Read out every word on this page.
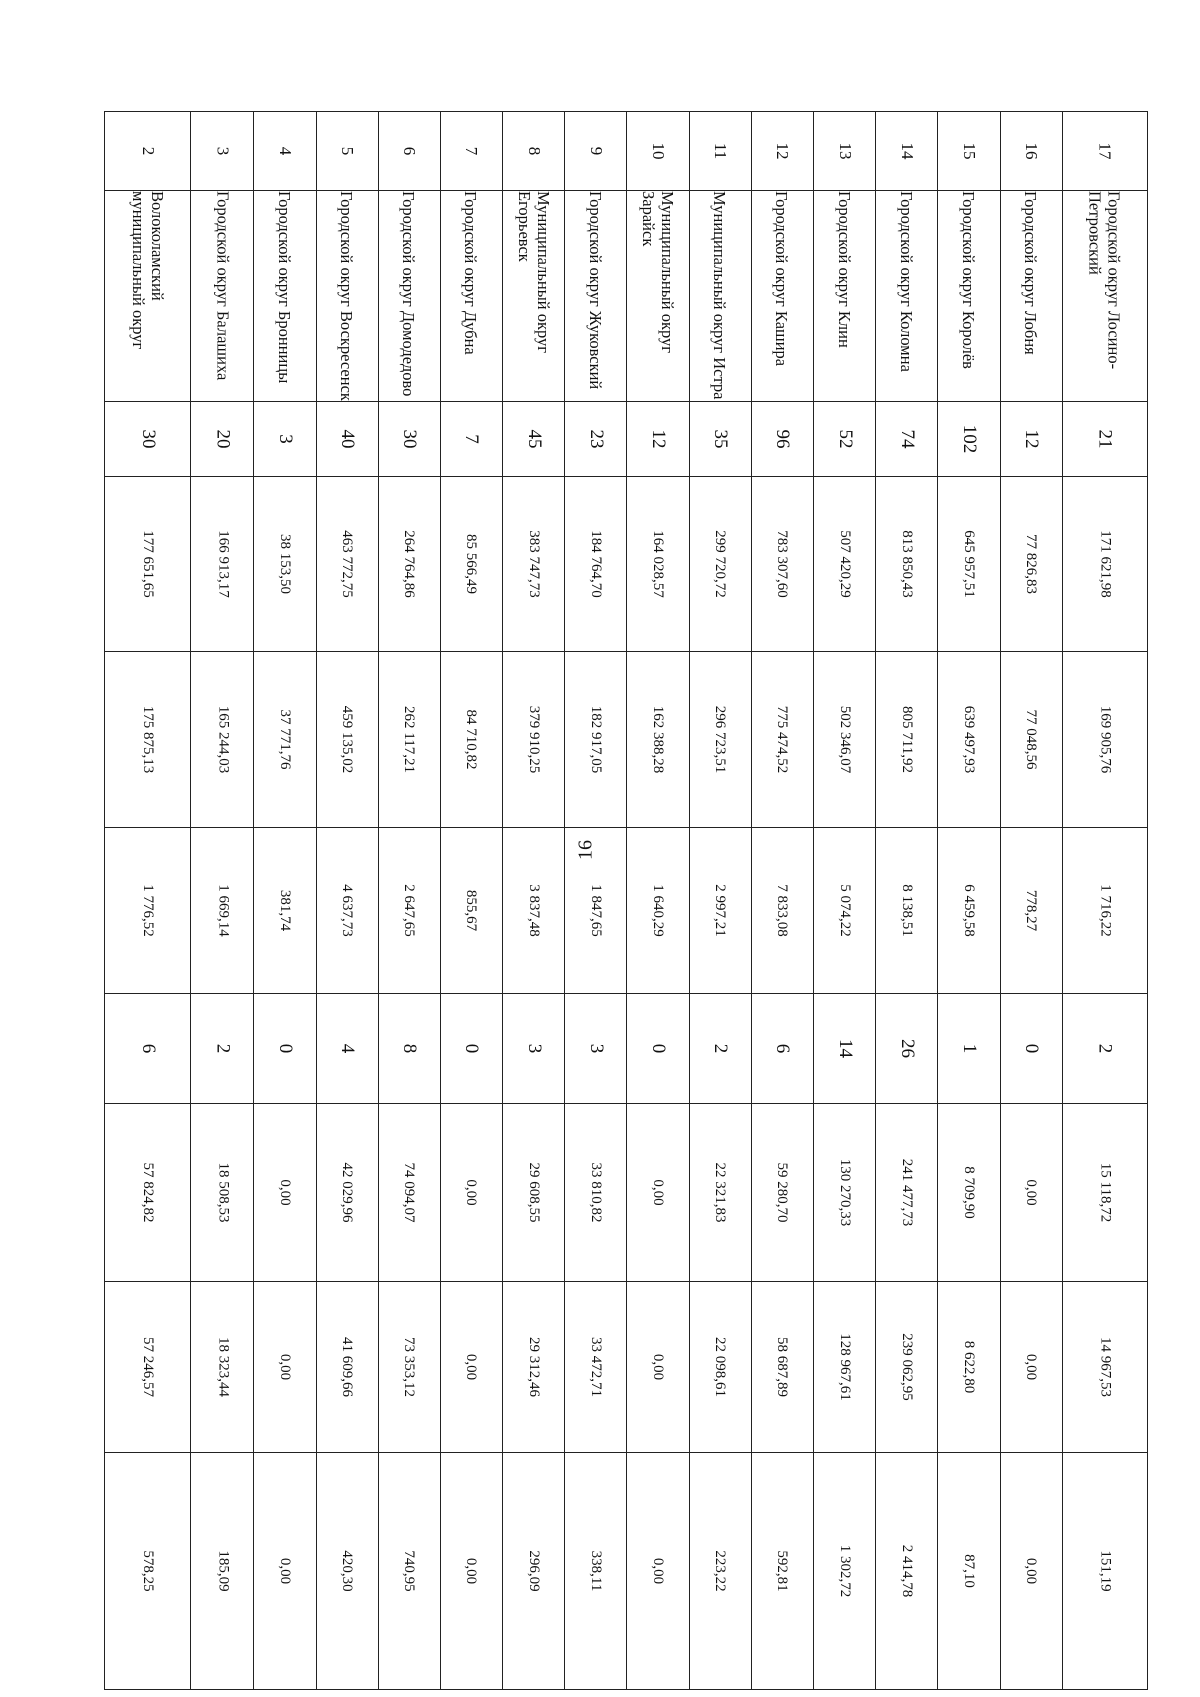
16
2	Волоколамский муниципальный округ	30	177 651,65	175 875,13	1 776,52	6	57 824,82	57 246,57	578,25

3	Городской округ Балашиха	20	166 913,17	165 244,03	1 669,14	2	18 508,53	18 323,44	185,09

4	Городской округ Бронницы	3	38 153,50	37 771,76	381,74	0	0,00	0,00	0,00

5	Городской округ Воскресенск	40	463 772,75	459 135,02	4 637,73	4	42 029,96	41 609,66	420,30

6	Городской округ Домодедово	30	264 764,86	262 117,21	2 647,65	8	74 094,07	73 353,12	740,95

7	Городской округ Дубна	7	85 566,49	84 710,82	855,67	0	0,00	0,00	0,00

8	Муниципальный округ Егорьевск	45	383 747,73	379 910,25	3 837,48	3	29 608,55	29 312,46	296,09

9	Городской округ Жуковский	23	184 764,70	182 917,05	1 847,65	3	33 810,82	33 472,71	338,11

10	Муниципальный округ Зарайск	12	164 028,57	162 388,28	1 640,29	0	0,00	0,00	0,00

11	Муниципальный округ Истра	35	299 720,72	296 723,51	2 997,21	2	22 321,83	22 098,61	223,22

12	Городской округ Кашира	96	783 307,60	775 474,52	7 833,08	6	59 280,70	58 687,89	592,81

13	Городской округ Клин	52	507 420,29	502 346,07	5 074,22	14	130 270,33	128 967,61	1 302,72

14	Городской округ Коломна	74	813 850,43	805 711,92	8 138,51	26	241 477,73	239 062,95	2 414,78

15	Городской округ Королёв	102	645 957,51	639 497,93	6 459,58	1	8 709,90	8 622,80	87,10

16	Городской округ Лобня	12	77 826,83	77 048,56	778,27	0	0,00	0,00	0,00

17	Городской округ Лосино-Петровский	21	171 621,98	169 905,76	1 716,22	2	15 118,72	14 967,53	151,19
